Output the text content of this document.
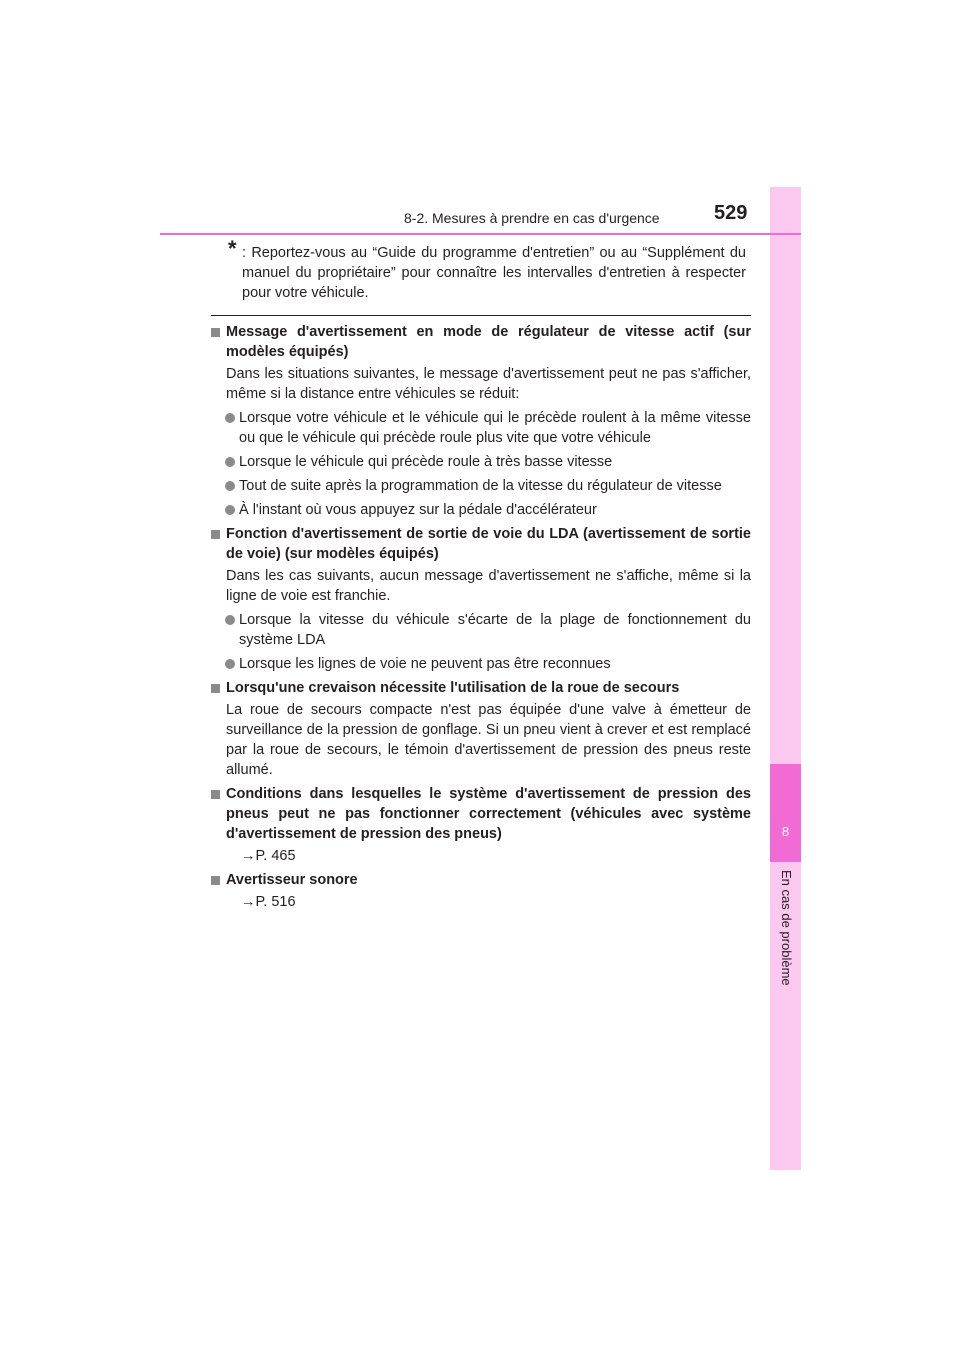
8
En cas de problème
8-2. Mesures à prendre en cas d'urgence	529
* : Reportez-vous au “Guide du programme d'entretien” ou au “Supplément du manuel du propriétaire” pour connaître les intervalles d'entretien à respecter pour votre véhicule.
Message d'avertissement en mode de régulateur de vitesse actif (sur modèles équipés)
Dans les situations suivantes, le message d'avertissement peut ne pas s'afficher, même si la distance entre véhicules se réduit:
Lorsque votre véhicule et le véhicule qui le précède roulent à la même vitesse ou que le véhicule qui précède roule plus vite que votre véhicule
Lorsque le véhicule qui précède roule à très basse vitesse
Tout de suite après la programmation de la vitesse du régulateur de vitesse
À l'instant où vous appuyez sur la pédale d'accélérateur
Fonction d'avertissement de sortie de voie du LDA (avertissement de sortie de voie) (sur modèles équipés)
Dans les cas suivants, aucun message d'avertissement ne s'affiche, même si la ligne de voie est franchie.
Lorsque la vitesse du véhicule s'écarte de la plage de fonctionnement du système LDA
Lorsque les lignes de voie ne peuvent pas être reconnues
Lorsqu'une crevaison nécessite l'utilisation de la roue de secours
La roue de secours compacte n'est pas équipée d'une valve à émetteur de surveillance de la pression de gonflage. Si un pneu vient à crever et est remplacé par la roue de secours, le témoin d'avertissement de pression des pneus reste allumé.
Conditions dans lesquelles le système d'avertissement de pression des pneus peut ne pas fonctionner correctement (véhicules avec système d'avertissement de pression des pneus)
→P. 465
Avertisseur sonore
→P. 516
